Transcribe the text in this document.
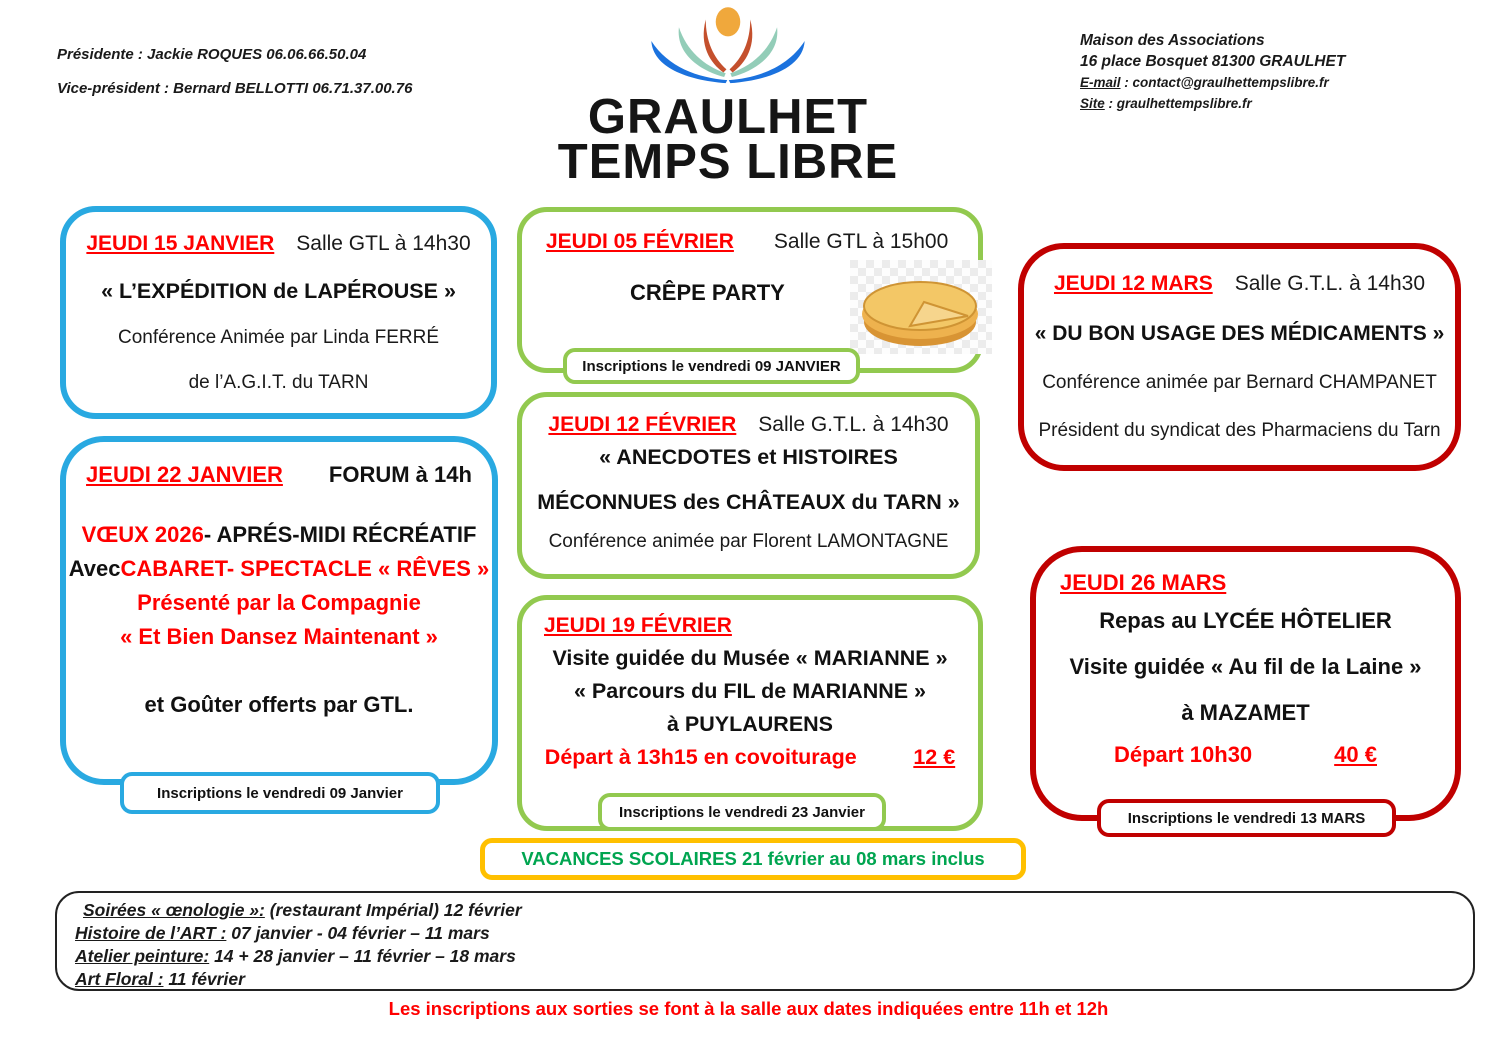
Présidente : Jackie ROQUES 06.06.66.50.04
Vice-président : Bernard BELLOTTI 06.71.37.00.76
GRAULHET
TEMPS LIBRE
Maison des Associations
16 place Bosquet 81300 GRAULHET
E-mail : contact@graulhettempslibre.fr
Site : graulhettempslibre.fr
JEUDI 15 JANVIER Salle GTL à 14h30
« L’EXPÉDITION de LAPÉROUSE »
Conférence Animée par Linda FERRÉ
de l’A.G.I.T. du TARN
JEUDI 22 JANVIER FORUM à 14h
VŒUX 2026 - APRÉS-MIDI RÉCRÉATIF
Avec CABARET- SPECTACLE « RÊVES »
Présenté par la Compagnie
« Et Bien Dansez Maintenant »
et Goûter offerts par GTL.
Inscriptions le vendredi 09 Janvier
JEUDI 05 FÉVRIER Salle GTL à 15h00
CRÊPE PARTY
Inscriptions le vendredi 09 JANVIER
JEUDI 12 FÉVRIER Salle G.T.L. à 14h30
« ANECDOTES et HISTOIRES
MÉCONNUES des CHÂTEAUX du TARN »
Conférence animée par Florent LAMONTAGNE
JEUDI 19 FÉVRIER
Visite guidée du Musée « MARIANNE »
« Parcours du FIL de MARIANNE »
à PUYLAURENS
Départ à 13h15 en covoiturage	12 €
Inscriptions le vendredi 23 Janvier
JEUDI 12 MARS Salle G.T.L. à 14h30
« DU BON USAGE DES MÉDICAMENTS »
Conférence animée par Bernard CHAMPANET
Président du syndicat des Pharmaciens du Tarn
JEUDI 26 MARS
Repas au LYCÉE HÔTELIER
Visite guidée « Au fil de la Laine »
à MAZAMET
Départ 10h30	40 €
Inscriptions le vendredi 13 MARS
VACANCES SCOLAIRES 21 février au 08 mars inclus
Soirées « œnologie »: (restaurant Impérial) 12 février
Histoire de l’ART : 07 janvier - 04 février – 11 mars
Atelier peinture: 14 + 28 janvier – 11 février – 18 mars
Art Floral : 11 février
Les inscriptions aux sorties se font à la salle aux dates indiquées entre 11h et 12h
